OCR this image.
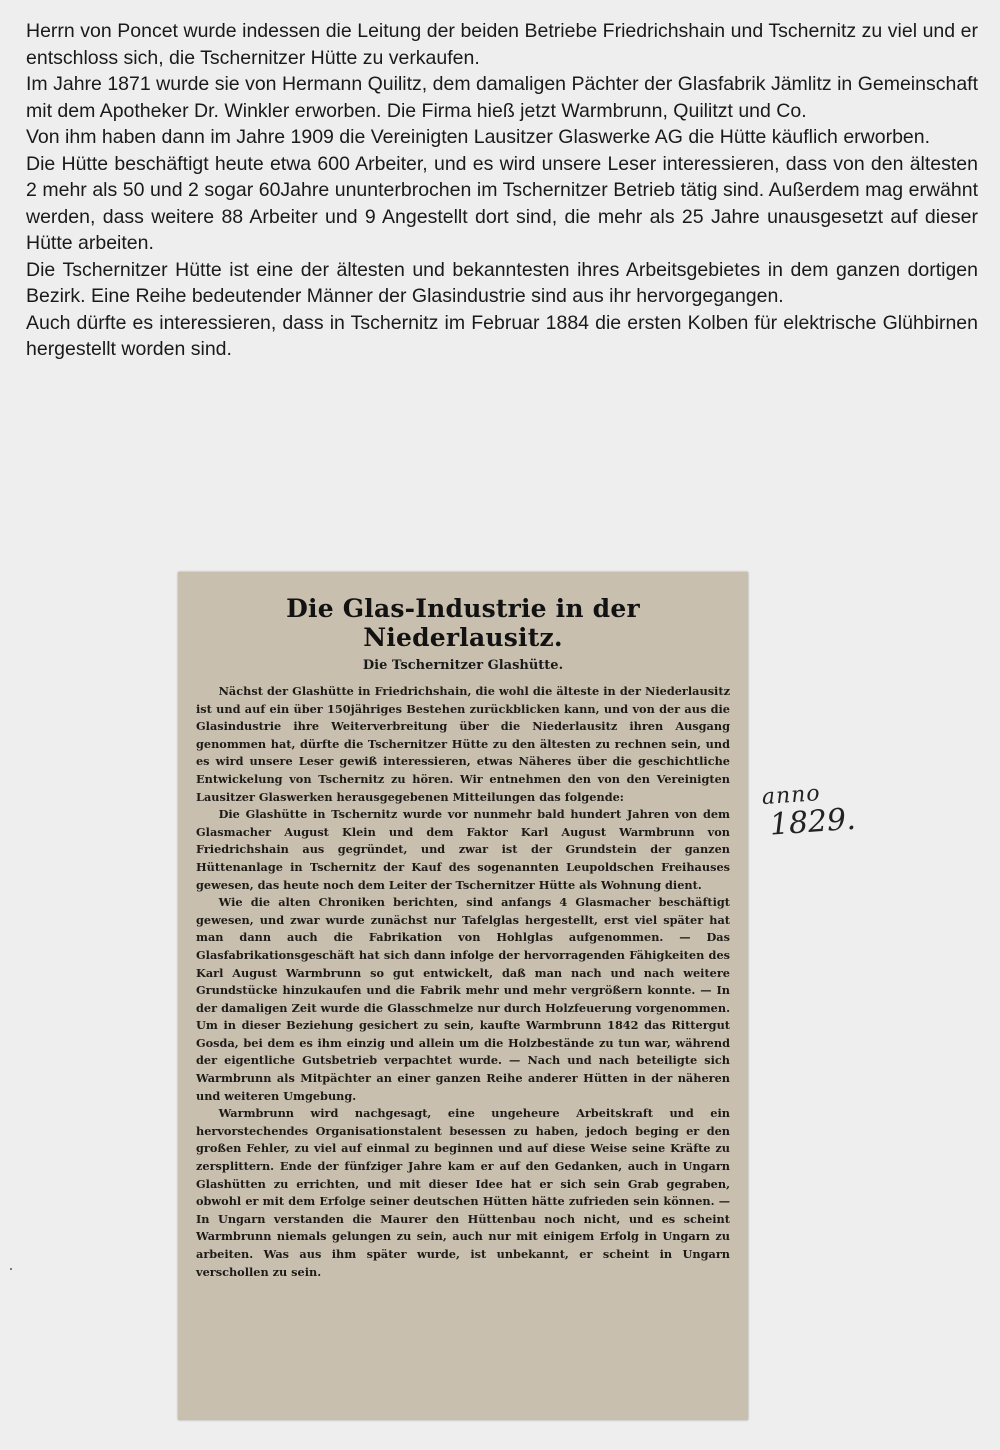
Herrn von Poncet wurde indessen die Leitung der beiden Betriebe Friedrichshain und Tschernitz zu viel und er entschloss sich, die Tschernitzer Hütte zu verkaufen.

Im Jahre 1871 wurde sie von Hermann Quilitz, dem damaligen Pächter der Glasfabrik Jämlitz in Gemeinschaft mit dem Apotheker Dr. Winkler erworben. Die Firma hieß jetzt Warmbrunn, Quilitzt und Co.

Von ihm haben dann im Jahre 1909 die Vereinigten Lausitzer Glaswerke AG die Hütte käuflich erworben.

Die Hütte beschäftigt heute etwa 600 Arbeiter, und es wird unsere Leser interessieren, dass von den ältesten 2 mehr als 50 und 2 sogar 60Jahre ununterbrochen im Tschernitzer Betrieb tätig sind. Außerdem mag erwähnt werden, dass weitere 88 Arbeiter und 9 Angestellt dort sind, die mehr als 25 Jahre unausgesetzt auf dieser Hütte arbeiten.

Die Tschernitzer Hütte ist eine der ältesten und bekanntesten ihres Arbeitsgebietes in dem ganzen dortigen Bezirk. Eine Reihe bedeutender Männer der Glasindustrie sind aus ihr hervorgegangen.

Auch dürfte es interessieren, dass in Tschernitz im Februar 1884 die ersten Kolben für elektrische Glühbirnen hergestellt worden sind.

Die Glas-Industrie in der Niederlausitz.
Die Tschernitzer Glashütte.

Nächst der Glashütte in Friedrichshain, die wohl die älteste in der Niederlausitz ist und auf ein über 150jähriges Bestehen zurückblicken kann, und von der aus die Glasindustrie ihre Weiterverbreitung über die Niederlausitz ihren Ausgang genommen hat, dürfte die Tschernitzer Hütte zu den ältesten zu rechnen sein, und es wird unsere Leser gewiß interessieren, etwas Näheres über die geschichtliche Entwickelung von Tschernitz zu hören. Wir entnehmen den von den Vereinigten Lausitzer Glaswerken herausgegebenen Mitteilungen das folgende:

Die Glashütte in Tschernitz wurde vor nunmehr bald hundert Jahren von dem Glasmacher August Klein und dem Faktor Karl August Warmbrunn von Friedrichshain aus gegründet, und zwar ist der Grundstein der ganzen Hüttenanlage in Tschernitz der Kauf des sogenannten Leupoldschen Freihauses gewesen, das heute noch dem Leiter der Tschernitzer Hütte als Wohnung dient.

Wie die alten Chroniken berichten, sind anfangs 4 Glasmacher beschäftigt gewesen, und zwar wurde zunächst nur Tafelglas hergestellt, erst viel später hat man dann auch die Fabrikation von Hohlglas aufgenommen. — Das Glasfabrikationsgeschäft hat sich dann infolge der hervorragenden Fähigkeiten des Karl August Warmbrunn so gut entwickelt, daß man nach und nach weitere Grundstücke hinzukaufen und die Fabrik mehr und mehr vergrößern konnte. — In der damaligen Zeit wurde die Glasschmelze nur durch Holzfeuerung vorgenommen. Um in dieser Beziehung gesichert zu sein, kaufte Warmbrunn 1842 das Rittergut Gosda, bei dem es ihm einzig und allein um die Holzbestände zu tun war, während der eigentliche Gutsbetrieb verpachtet wurde. — Nach und nach beteiligte sich Warmbrunn als Mitpächter an einer ganzen Reihe anderer Hütten in der näheren und weiteren Umgebung.

Warmbrunn wird nachgesagt, eine ungeheure Arbeitskraft und ein hervorstechendes Organisationstalent besessen zu haben, jedoch beging er den großen Fehler, zu viel auf einmal zu beginnen und auf diese Weise seine Kräfte zu zersplittern. Ende der fünfziger Jahre kam er auf den Gedanken, auch in Ungarn Glashütten zu errichten, und mit dieser Idee hat er sich sein Grab gegraben, obwohl er mit dem Erfolge seiner deutschen Hütten hätte zufrieden sein können. — In Ungarn verstanden die Maurer den Hüttenbau noch nicht, und es scheint Warmbrunn niemals gelungen zu sein, auch nur mit einigem Erfolg in Ungarn zu arbeiten. Was aus ihm später wurde, ist unbekannt, er scheint in Ungarn verschollen zu sein.

anno
1829.
